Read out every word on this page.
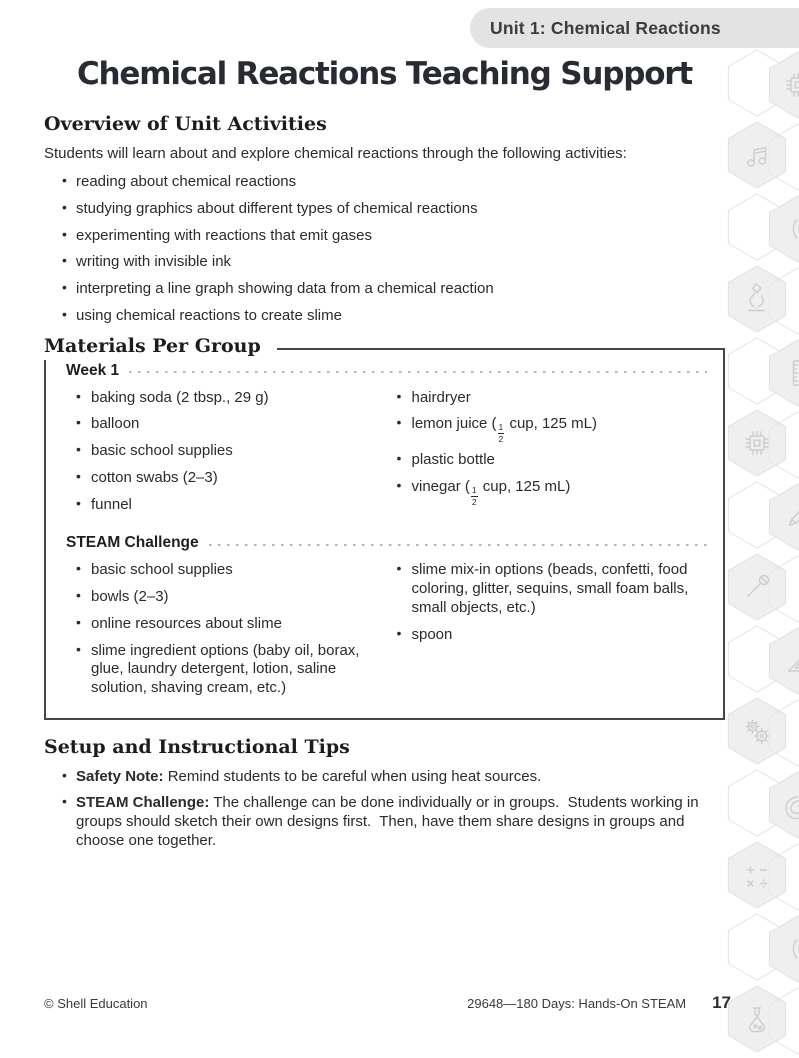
Unit 1: Chemical Reactions
Chemical Reactions Teaching Support
Overview of Unit Activities

Students will learn about and explore chemical reactions through the following activities:

• reading about chemical reactions
• studying graphics about different types of chemical reactions
• experimenting with reactions that emit gases
• writing with invisible ink
• interpreting a line graph showing data from a chemical reaction
• using chemical reactions to create slime
Materials Per Group
Week 1
• baking soda (2 tbsp., 29 g)
• balloon
• basic school supplies
• cotton swabs (2–3)
• funnel
• hairdryer
• lemon juice ( $\frac{1}{2}$ cup, 125 mL)
• plastic bottle
• vinegar ( $\frac{1}{2}$ cup, 125 mL)
STEAM Challenge
• basic school supplies
• bowls (2–3)
• online resources about slime
• slime ingredient options (baby oil, borax, glue, laundry detergent, lotion, saline solution, shaving cream, etc.)
• slime mix-in options (beads, confetti, food coloring, glitter, sequins, small foam balls, small objects, etc.)
• spoon
Setup and Instructional Tips
• Safety Note: Remind students to be careful when using heat sources.
• STEAM Challenge: The challenge can be done individually or in groups.  Students working in groups should sketch their own designs first.  Then, have them share designs in groups and choose one together.
© Shell Education	29648—180 Days: Hands-On STEAM 17
